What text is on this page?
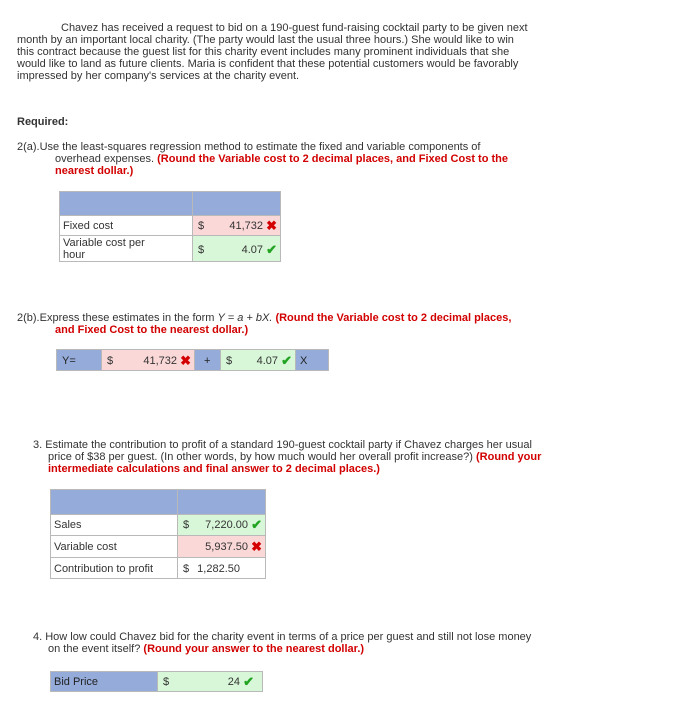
Chavez has received a request to bid on a 190-guest fund-raising cocktail party to be given next
month by an important local charity. (The party would last the usual three hours.) She would like to win
this contract because the guest list for this charity event includes many prominent individuals that she
would like to land as future clients. Maria is confident that these potential customers would be favorably
impressed by her company's services at the charity event.
Required:
2(a).Use the least-squares regression method to estimate the fixed and variable components of
overhead expenses. (Round the Variable cost to 2 decimal places, and Fixed Cost to the
nearest dollar.)
Fixed cost	$ 41,732 ✖
Variable cost per
hour	$	4.07 ✔
2(b).Express these estimates in the form Y = a + bX. (Round the Variable cost to 2 decimal places,
and Fixed Cost to the nearest dollar.)
Y=	$	41,732 ✖ + $ 4.07 ✔ X
3. Estimate the contribution to profit of a standard 190-guest cocktail party if Chavez charges her usual
price of $38 per guest. (In other words, by how much would her overall profit increase?) (Round your
intermediate calculations and final answer to 2 decimal places.)
Sales	$ 7,220.00 ✔
Variable cost	5,937.50 ✖
Contribution to profit	$ 1,282.50
4. How low could Chavez bid for the charity event in terms of a price per guest and still not lose money
on the event itself? (Round your answer to the nearest dollar.)
Bid Price	$	24 ✔
